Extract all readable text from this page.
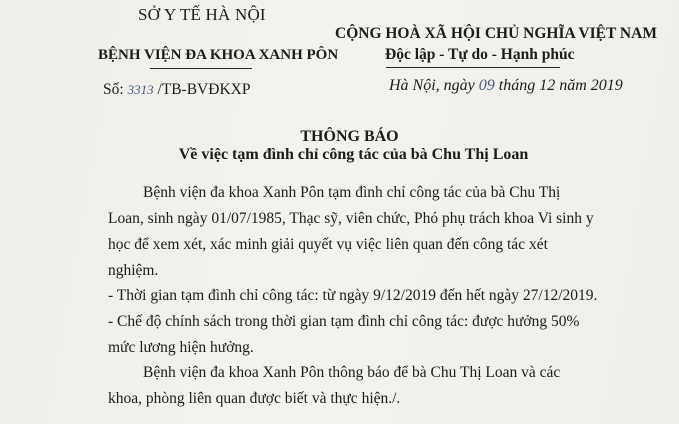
SỞ Y TẾ HÀ NỘI
BỆNH VIỆN ĐA KHOA XANH PÔN
CỘNG HOÀ XÃ HỘI CHỦ NGHĨA VIỆT NAM
Độc lập - Tự do - Hạnh phúc
Số: 3313 /TB-BVĐKXP	Hà Nội, ngày 09 tháng 12 năm 2019
THÔNG BÁO
Về việc tạm đình chỉ công tác của bà Chu Thị Loan
Bệnh viện đa khoa Xanh Pôn tạm đình chỉ công tác của bà Chu Thị
Loan, sinh ngày 01/07/1985, Thạc sỹ, viên chức, Phó phụ trách khoa Vi sinh y
học để xem xét, xác minh giải quyết vụ việc liên quan đến công tác xét
nghiệm.
- Thời gian tạm đình chỉ công tác: từ ngày 9/12/2019 đến hết ngày 27/12/2019.
- Chế độ chính sách trong thời gian tạm đình chỉ công tác: được hưởng 50%
mức lương hiện hưởng.
Bệnh viện đa khoa Xanh Pôn thông báo để bà Chu Thị Loan và các
khoa, phòng liên quan được biết và thực hiện./.
